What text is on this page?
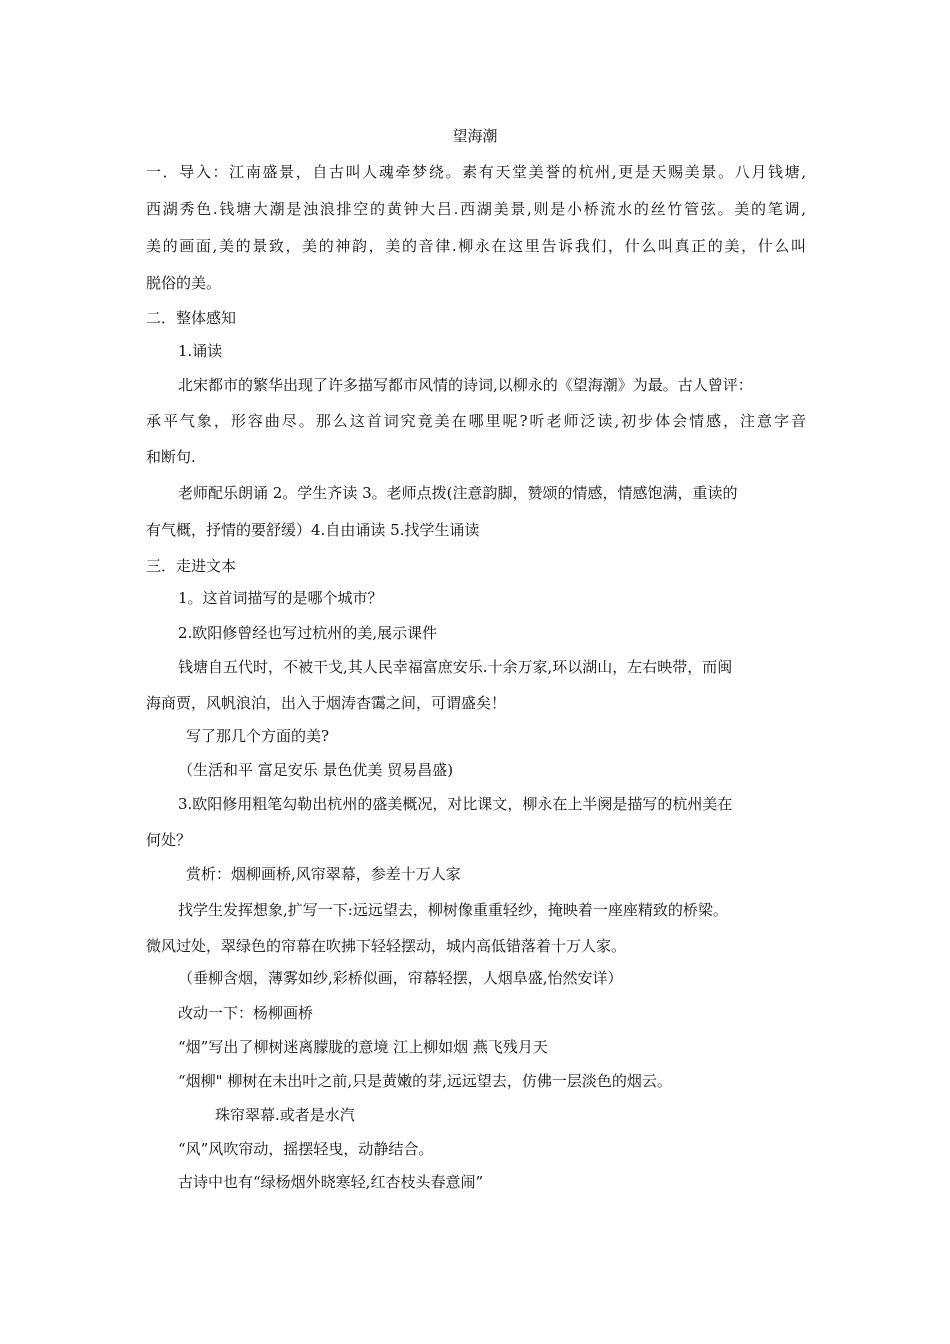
望海潮
一．导入：江南盛景，自古叫人魂牵梦绕。素有天堂美誉的杭州,更是天赐美景。八月钱塘,
西湖秀色.钱塘大潮是浊浪排空的黄钟大吕.西湖美景,则是小桥流水的丝竹管弦。美的笔调,
美的画面,美的景致，美的神韵，美的音律.柳永在这里告诉我们，什么叫真正的美，什么叫
脱俗的美。
二．整体感知
1.诵读
北宋都市的繁华出现了许多描写都市风情的诗词,以柳永的《望海潮》为最。古人曾评：
承平气象，形容曲尽。那么这首词究竟美在哪里呢?听老师泛读,初步体会情感，注意字音
和断句.
老师配乐朗诵 2。学生齐读 3。老师点拨(注意韵脚，赞颂的情感，情感饱满，重读的
有气概，抒情的要舒缓）4.自由诵读 5.找学生诵读
三．走进文本
1。这首词描写的是哪个城市？
2.欧阳修曾经也写过杭州的美,展示课件
钱塘自五代时，不被干戈,其人民幸福富庶安乐.十余万家,环以湖山，左右映带，而闽
海商贾，风帆浪泊，出入于烟涛杳霭之间，可谓盛矣！
写了那几个方面的美?
（生活和平 富足安乐 景色优美 贸易昌盛)
3.欧阳修用粗笔勾勒出杭州的盛美概况，对比课文，柳永在上半阕是描写的杭州美在
何处？
赏析：烟柳画桥,风帘翠幕，参差十万人家
找学生发挥想象,扩写一下:远远望去，柳树像重重轻纱，掩映着一座座精致的桥梁。
微风过处，翠绿色的帘幕在吹拂下轻轻摆动，城内高低错落着十万人家。
（垂柳含烟，薄雾如纱,彩桥似画，帘幕轻摆，人烟阜盛,怡然安详）
改动一下：杨柳画桥
“烟”写出了柳树迷离朦胧的意境 江上柳如烟 燕飞残月天
“烟柳" 柳树在未出叶之前,只是黄嫩的芽,远远望去，仿佛一层淡色的烟云。
珠帘翠幕.或者是水汽
“风”风吹帘动，摇摆轻曳，动静结合。
古诗中也有“绿杨烟外晓寒轻,红杏枝头春意闹”
